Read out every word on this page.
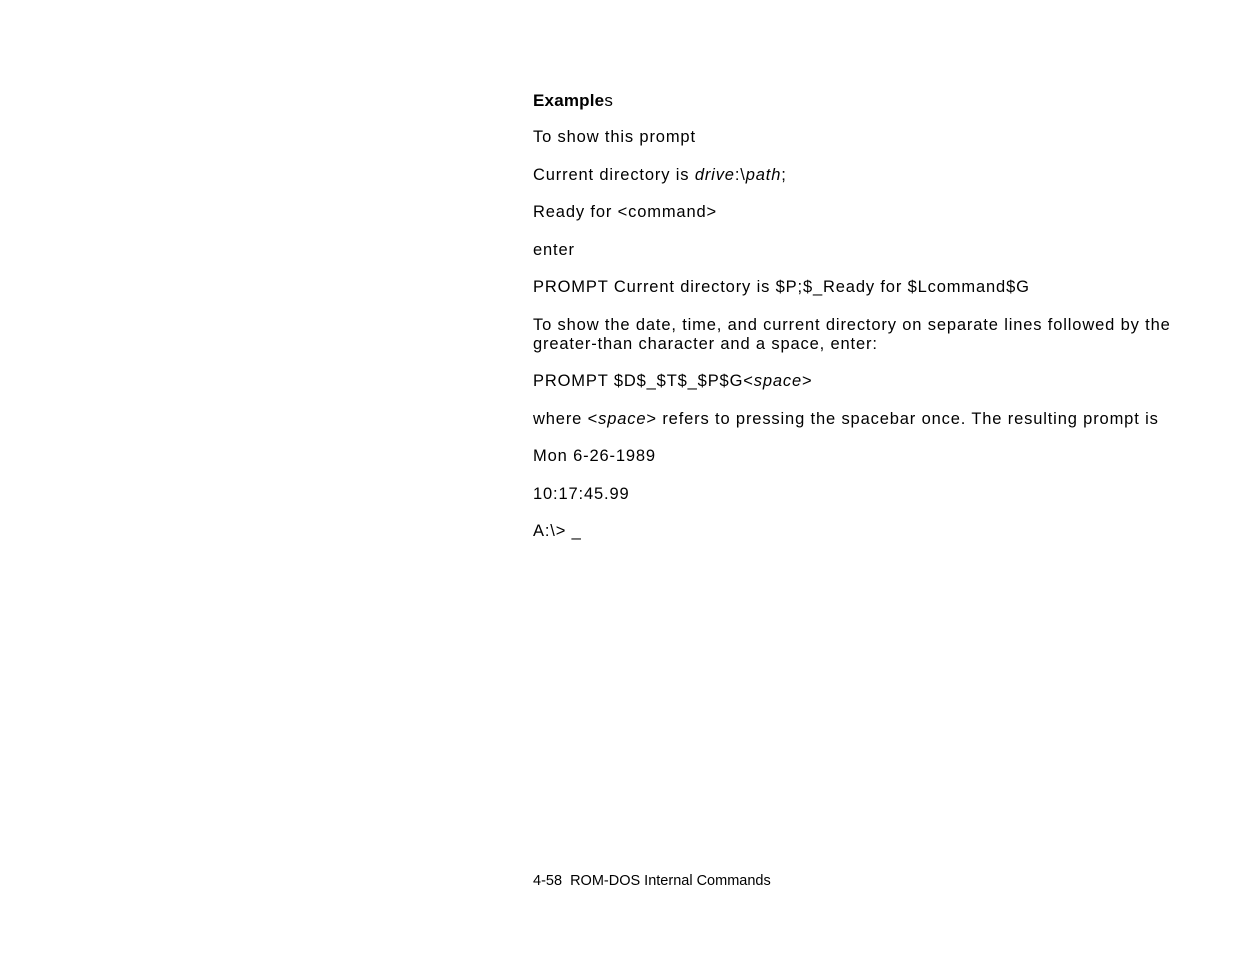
Examples

To show this prompt

Current directory is drive:\path;

Ready for <command>

enter

PROMPT Current directory is $P;$_Ready for $Lcommand$G

To show the date, time, and current directory on separate lines followed by the greater-than character and a space, enter:

PROMPT $D$_$T$_$P$G<space>

where <space> refers to pressing the spacebar once. The resulting prompt is

Mon 6-26-1989

10:17:45.99

A:\> _

4-58  ROM-DOS Internal Commands
